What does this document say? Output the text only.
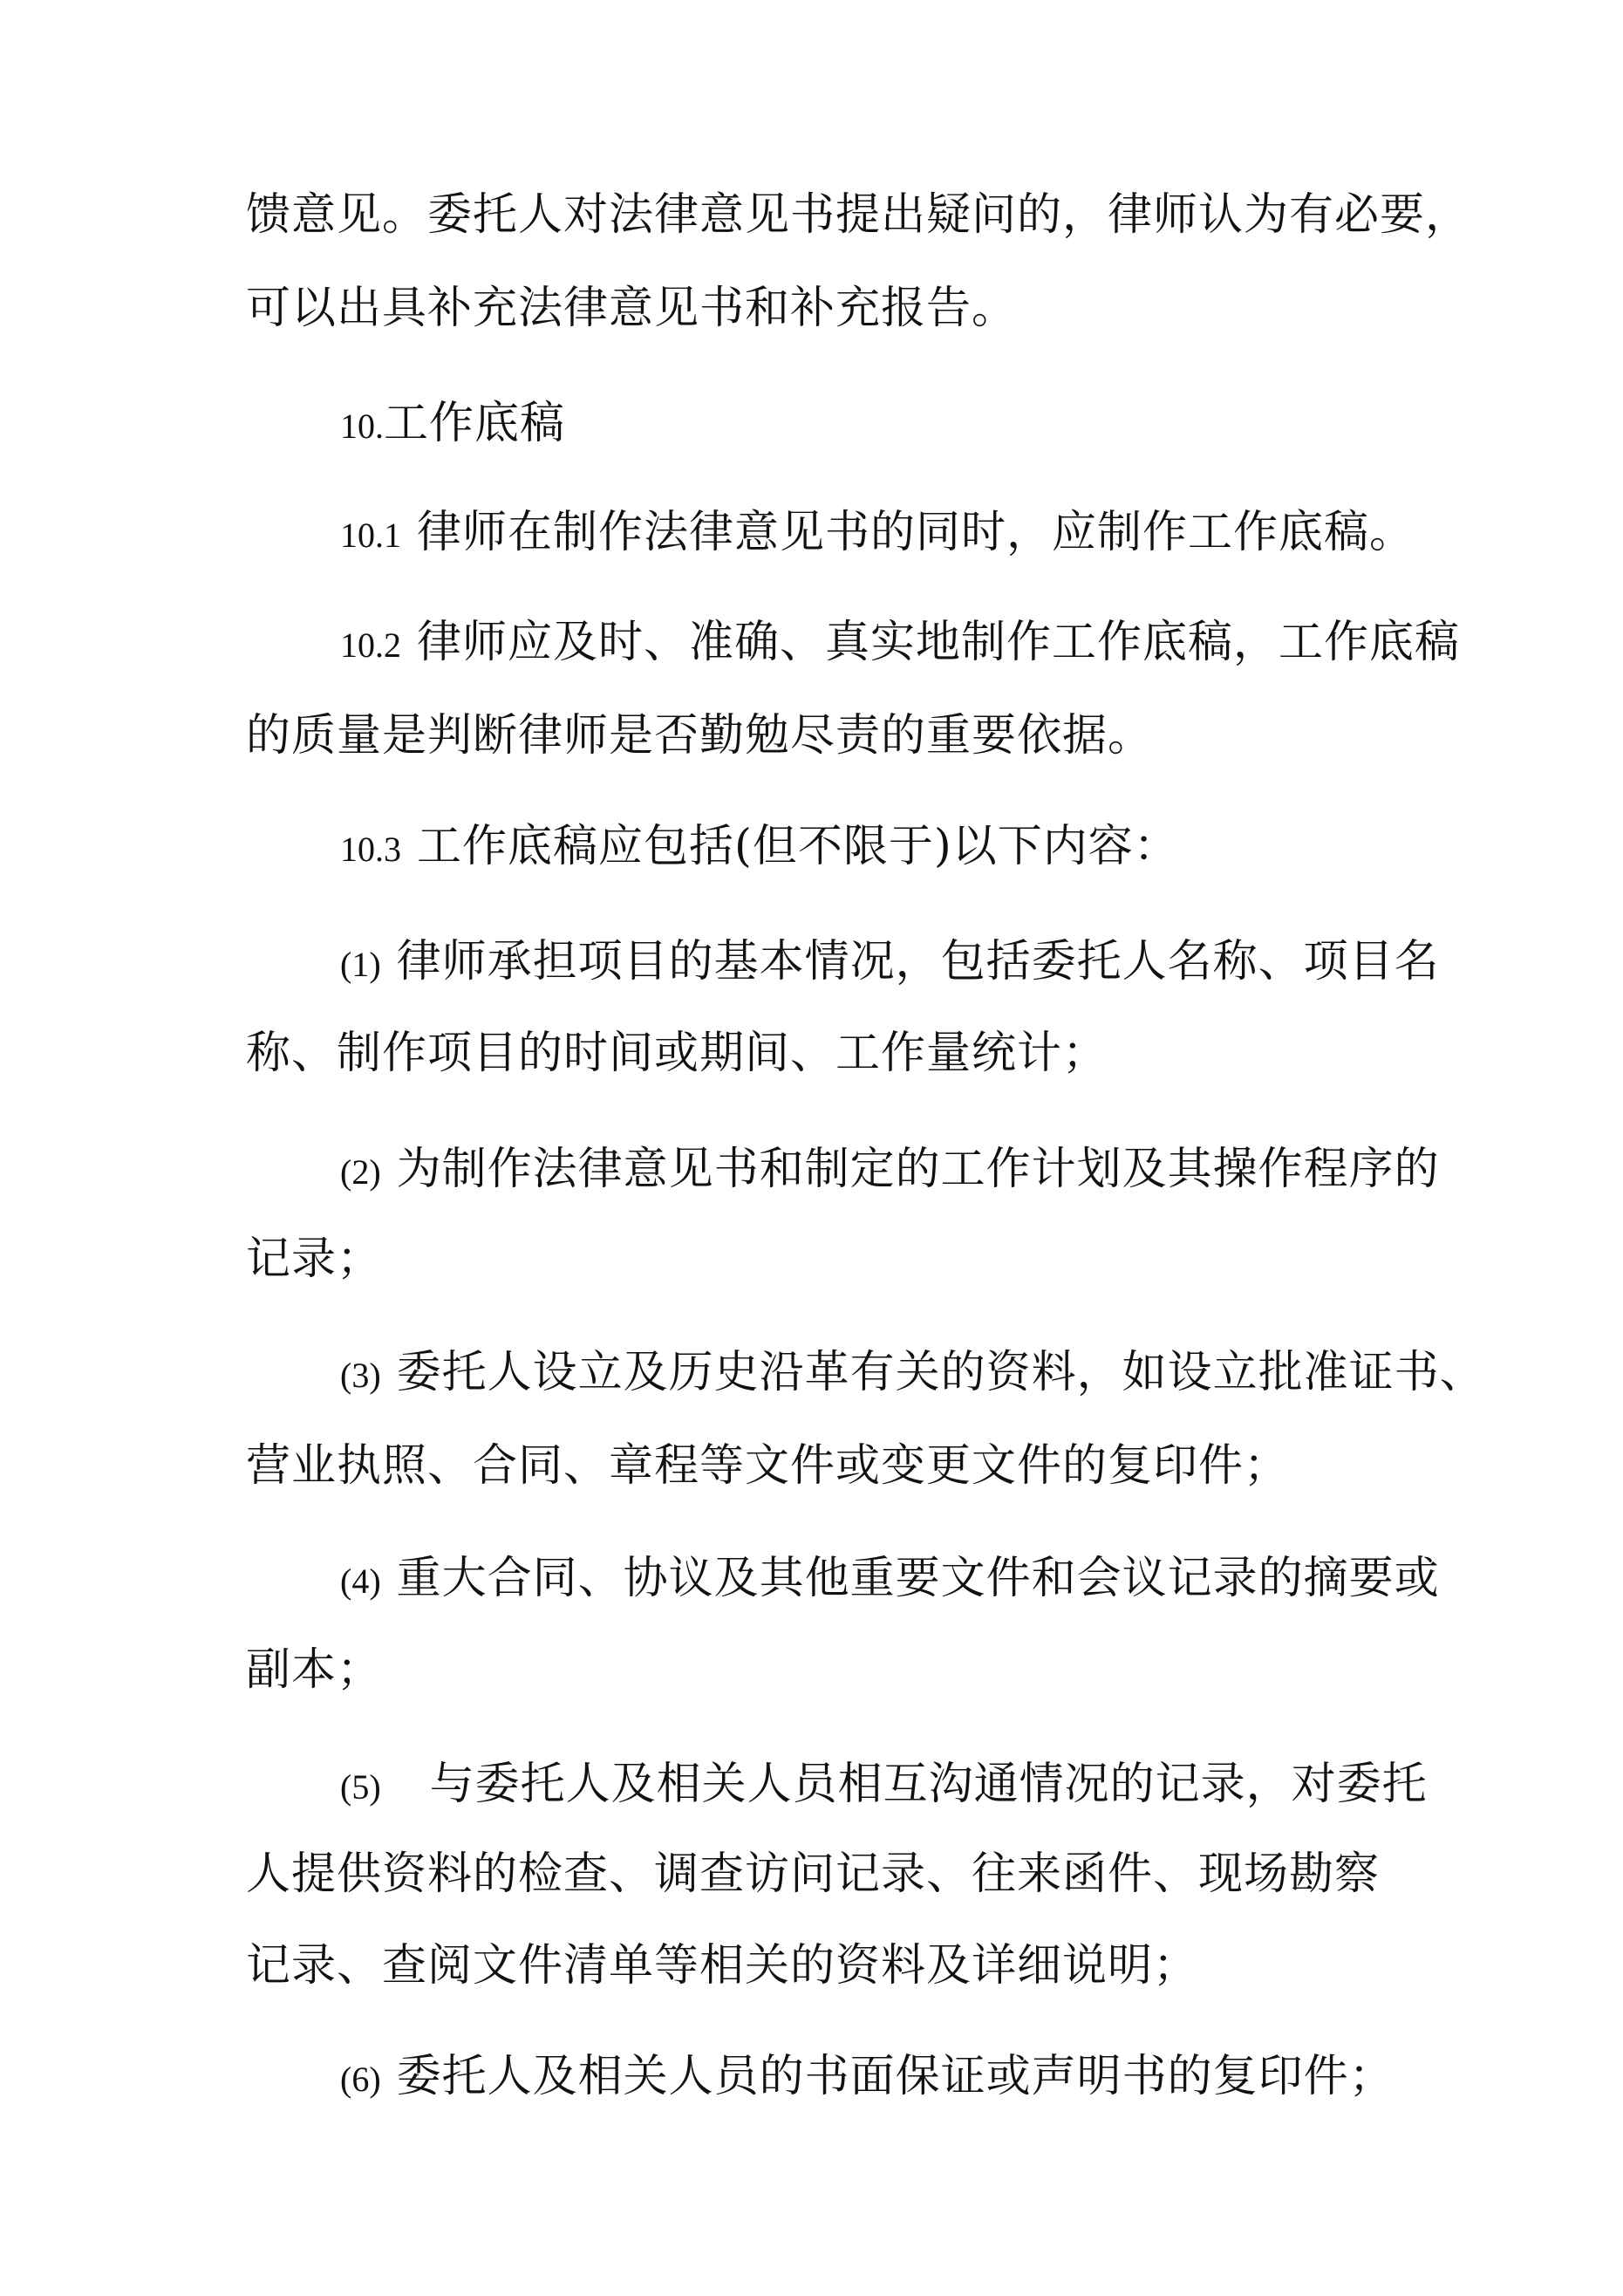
馈意见。委托人对法律意见书提出疑问的，律师认为有必要，
可以出具补充法律意见书和补充报告。
10.工作底稿
10.1 律师在制作法律意见书的同时，应制作工作底稿。
10.2 律师应及时、准确、真实地制作工作底稿，工作底稿
的质量是判断律师是否勤勉尽责的重要依据。
10.3 工作底稿应包括(但不限于)以下内容：
(1) 律师承担项目的基本情况，包括委托人名称、项目名
称、制作项目的时间或期间、工作量统计；
(2) 为制作法律意见书和制定的工作计划及其操作程序的
记录；
(3) 委托人设立及历史沿革有关的资料，如设立批准证书、
营业执照、合同、章程等文件或变更文件的复印件；
(4) 重大合同、协议及其他重要文件和会议记录的摘要或
副本；
(5) 与委托人及相关人员相互沟通情况的记录，对委托
人提供资料的检查、调查访问记录、往来函件、现场勘察
记录、查阅文件清单等相关的资料及详细说明；
(6) 委托人及相关人员的书面保证或声明书的复印件；
